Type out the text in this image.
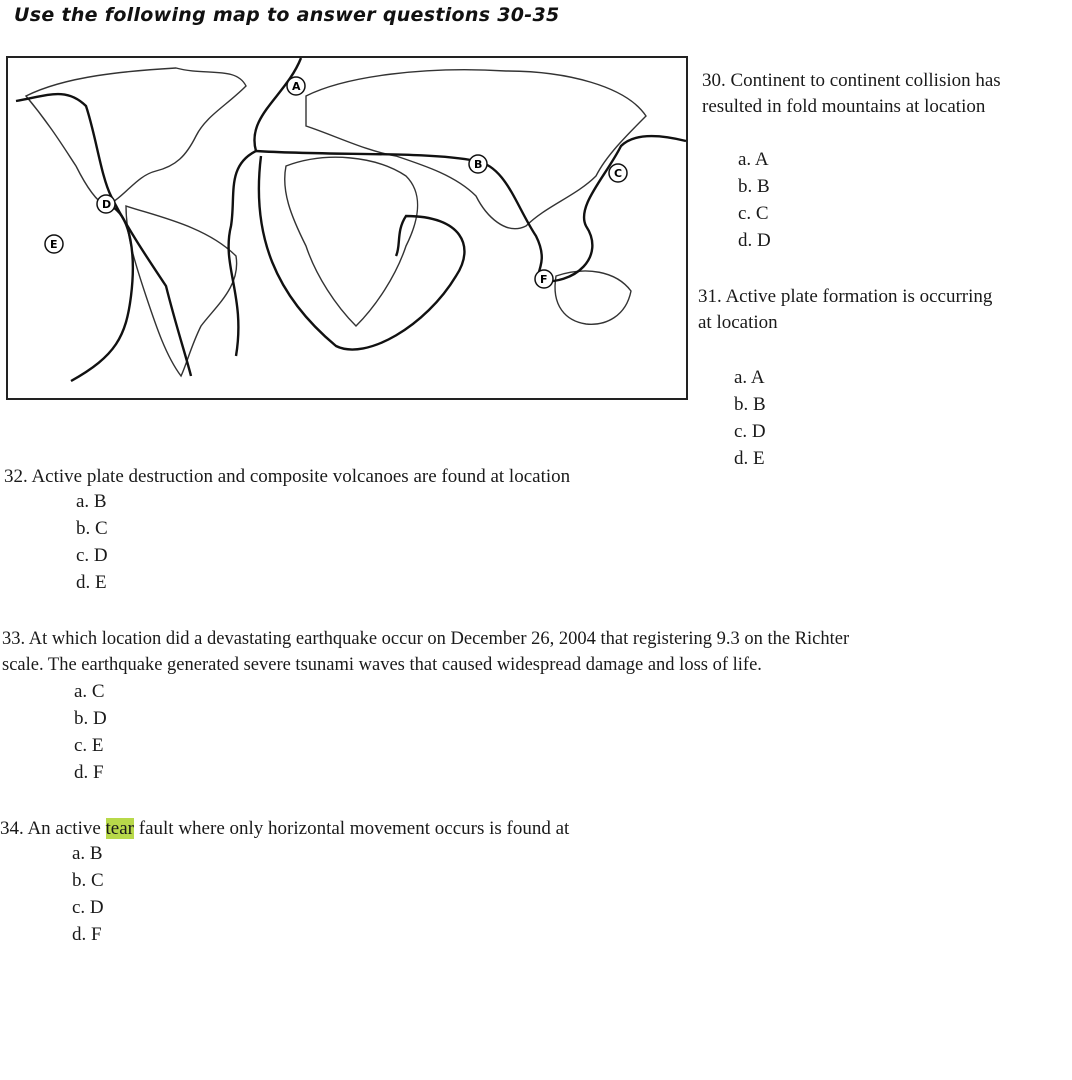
Use the following map to answer questions 30-35
A
B
C
D
E
F
30. Continent to continent collision has
resulted in fold mountains at location
a. A
b. B
c. C
d. D
31. Active plate formation is occurring
at location
a. A
b. B
c. D
d. E
32. Active plate destruction and composite volcanoes are found at location
a. B
b. C
c. D
d. E
33. At which location did a devastating earthquake occur on December 26, 2004 that registering 9.3 on the Richter
scale. The earthquake generated severe tsunami waves that caused widespread damage and loss of life.
a. C
b. D
c. E
d. F
34. An active tear fault where only horizontal movement occurs is found at
a. B
b. C
c. D
d. F
